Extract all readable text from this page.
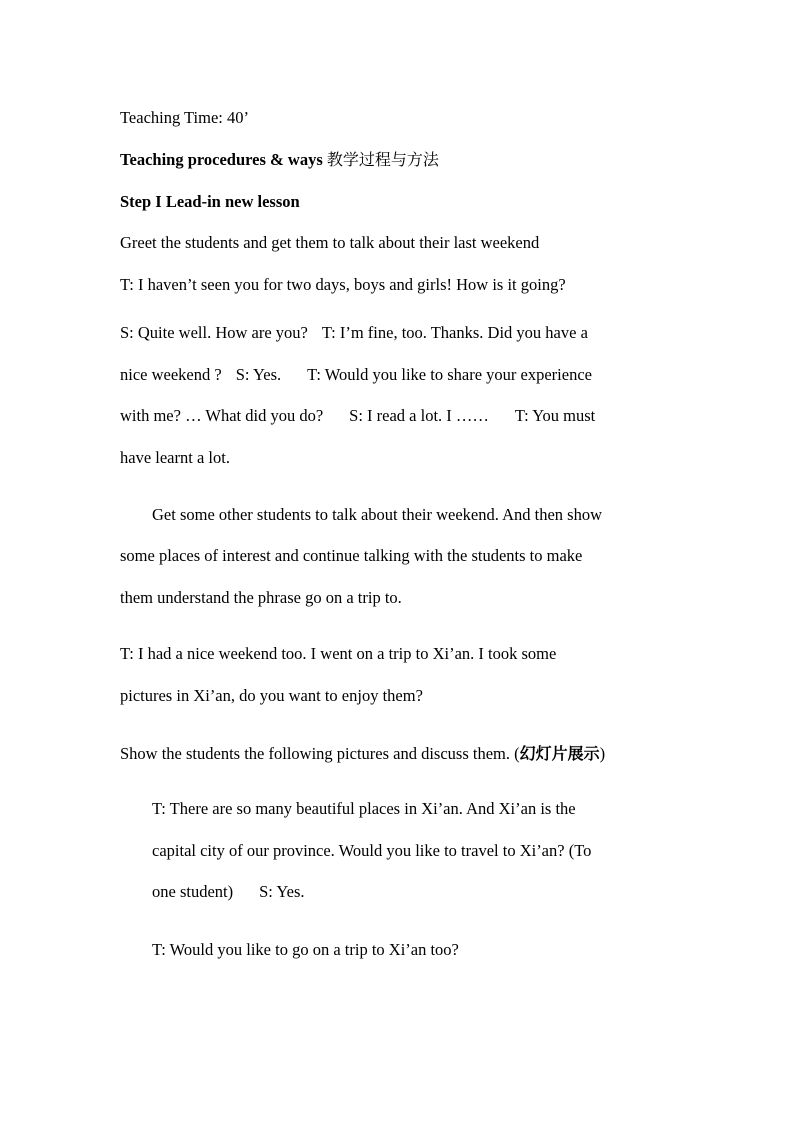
Teaching Time: 40’

Teaching procedures & ways 教学过程与方法

Step I Lead-in new lesson

Greet the students and get them to talk about their last weekend

T: I haven’t seen you for two days, boys and girls! How is it going?

S: Quite well. How are you? T: I’m fine, too. Thanks. Did you have a

nice weekend ? S: Yes. T: Would you like to share your experience

with me? … What did you do? S: I read a lot. I …… T: You must

have learnt a lot.

Get some other students to talk about their weekend. And then show

some places of interest and continue talking with the students to make

them understand the phrase go on a trip to.

T: I had a nice weekend too. I went on a trip to Xi’an. I took some

pictures in Xi’an, do you want to enjoy them?

Show the students the following pictures and discuss them. (幻灯片展示)

T: There are so many beautiful places in Xi’an. And Xi’an is the

capital city of our province. Would you like to travel to Xi’an? (To

one student) S: Yes.

T: Would you like to go on a trip to Xi’an too?
